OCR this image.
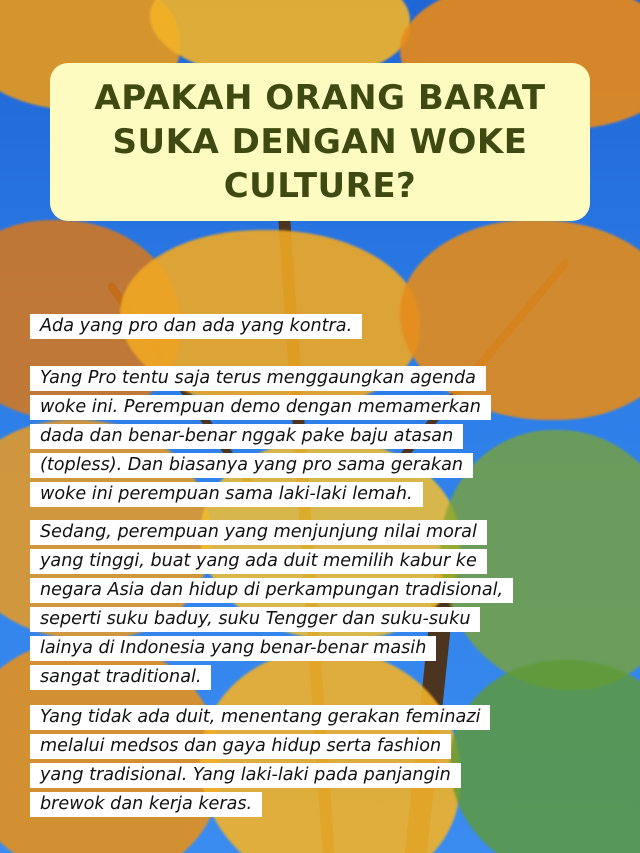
APAKAH ORANG BARAT
SUKA DENGAN WOKE
CULTURE?
Ada yang pro dan ada yang kontra.
Yang Pro tentu saja terus menggaungkan agenda
woke ini. Perempuan demo dengan memamerkan
dada dan benar-benar nggak pake baju atasan
(topless). Dan biasanya yang pro sama gerakan
woke ini perempuan sama laki-laki lemah.
Sedang, perempuan yang menjunjung nilai moral
yang tinggi, buat yang ada duit memilih kabur ke
negara Asia dan hidup di perkampungan tradisional,
seperti suku baduy, suku Tengger dan suku-suku
lainya di Indonesia yang benar-benar masih
sangat traditional.
Yang tidak ada duit, menentang gerakan feminazi
melalui medsos dan gaya hidup serta fashion
yang tradisional. Yang laki-laki pada panjangin
brewok dan kerja keras.
